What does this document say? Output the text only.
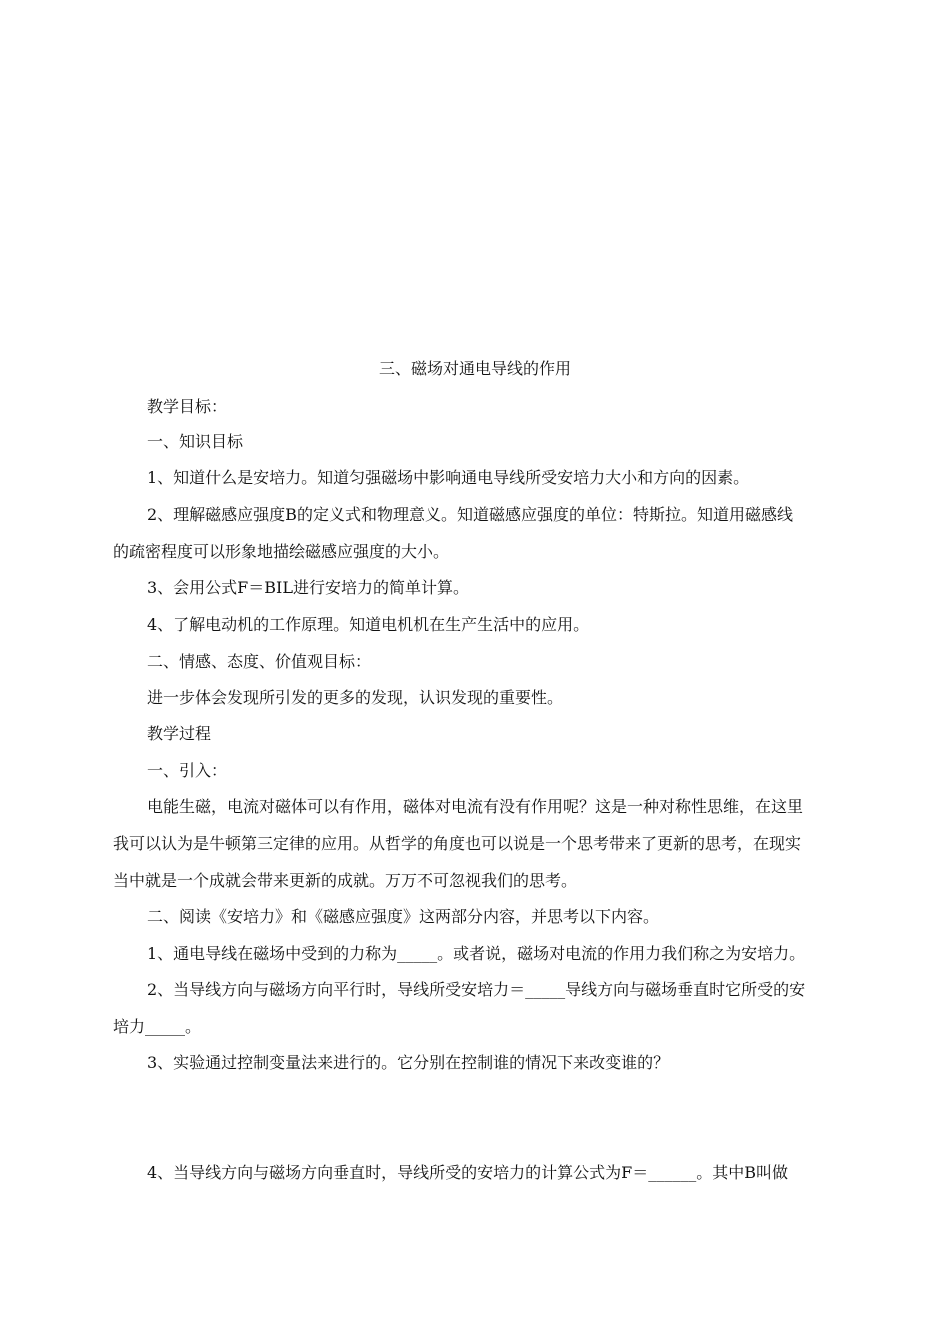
三、磁场对通电导线的作用
教学目标：
一、知识目标
1、知道什么是安培力。知道匀强磁场中影响通电导线所受安培力大小和方向的因素。
2、理解磁感应强度B的定义式和物理意义。知道磁感应强度的单位：特斯拉。知道用磁感线
的疏密程度可以形象地描绘磁感应强度的大小。
3、会用公式F＝BIL进行安培力的简单计算。
4、了解电动机的工作原理。知道电机机在生产生活中的应用。
二、情感、态度、价值观目标：
进一步体会发现所引发的更多的发现，认识发现的重要性。
教学过程
一、引入：
电能生磁，电流对磁体可以有作用，磁体对电流有没有作用呢？这是一种对称性思维，在这里
我可以认为是牛顿第三定律的应用。从哲学的角度也可以说是一个思考带来了更新的思考，在现实
当中就是一个成就会带来更新的成就。万万不可忽视我们的思考。
二、阅读《安培力》和《磁感应强度》这两部分内容，并思考以下内容。
1、通电导线在磁场中受到的力称为_____。或者说，磁场对电流的作用力我们称之为安培力。
2、当导线方向与磁场方向平行时，导线所受安培力＝_____导线方向与磁场垂直时它所受的安
培力_____。
3、实验通过控制变量法来进行的。它分别在控制谁的情况下来改变谁的？
4、当导线方向与磁场方向垂直时，导线所受的安培力的计算公式为F＝______。其中B叫做
